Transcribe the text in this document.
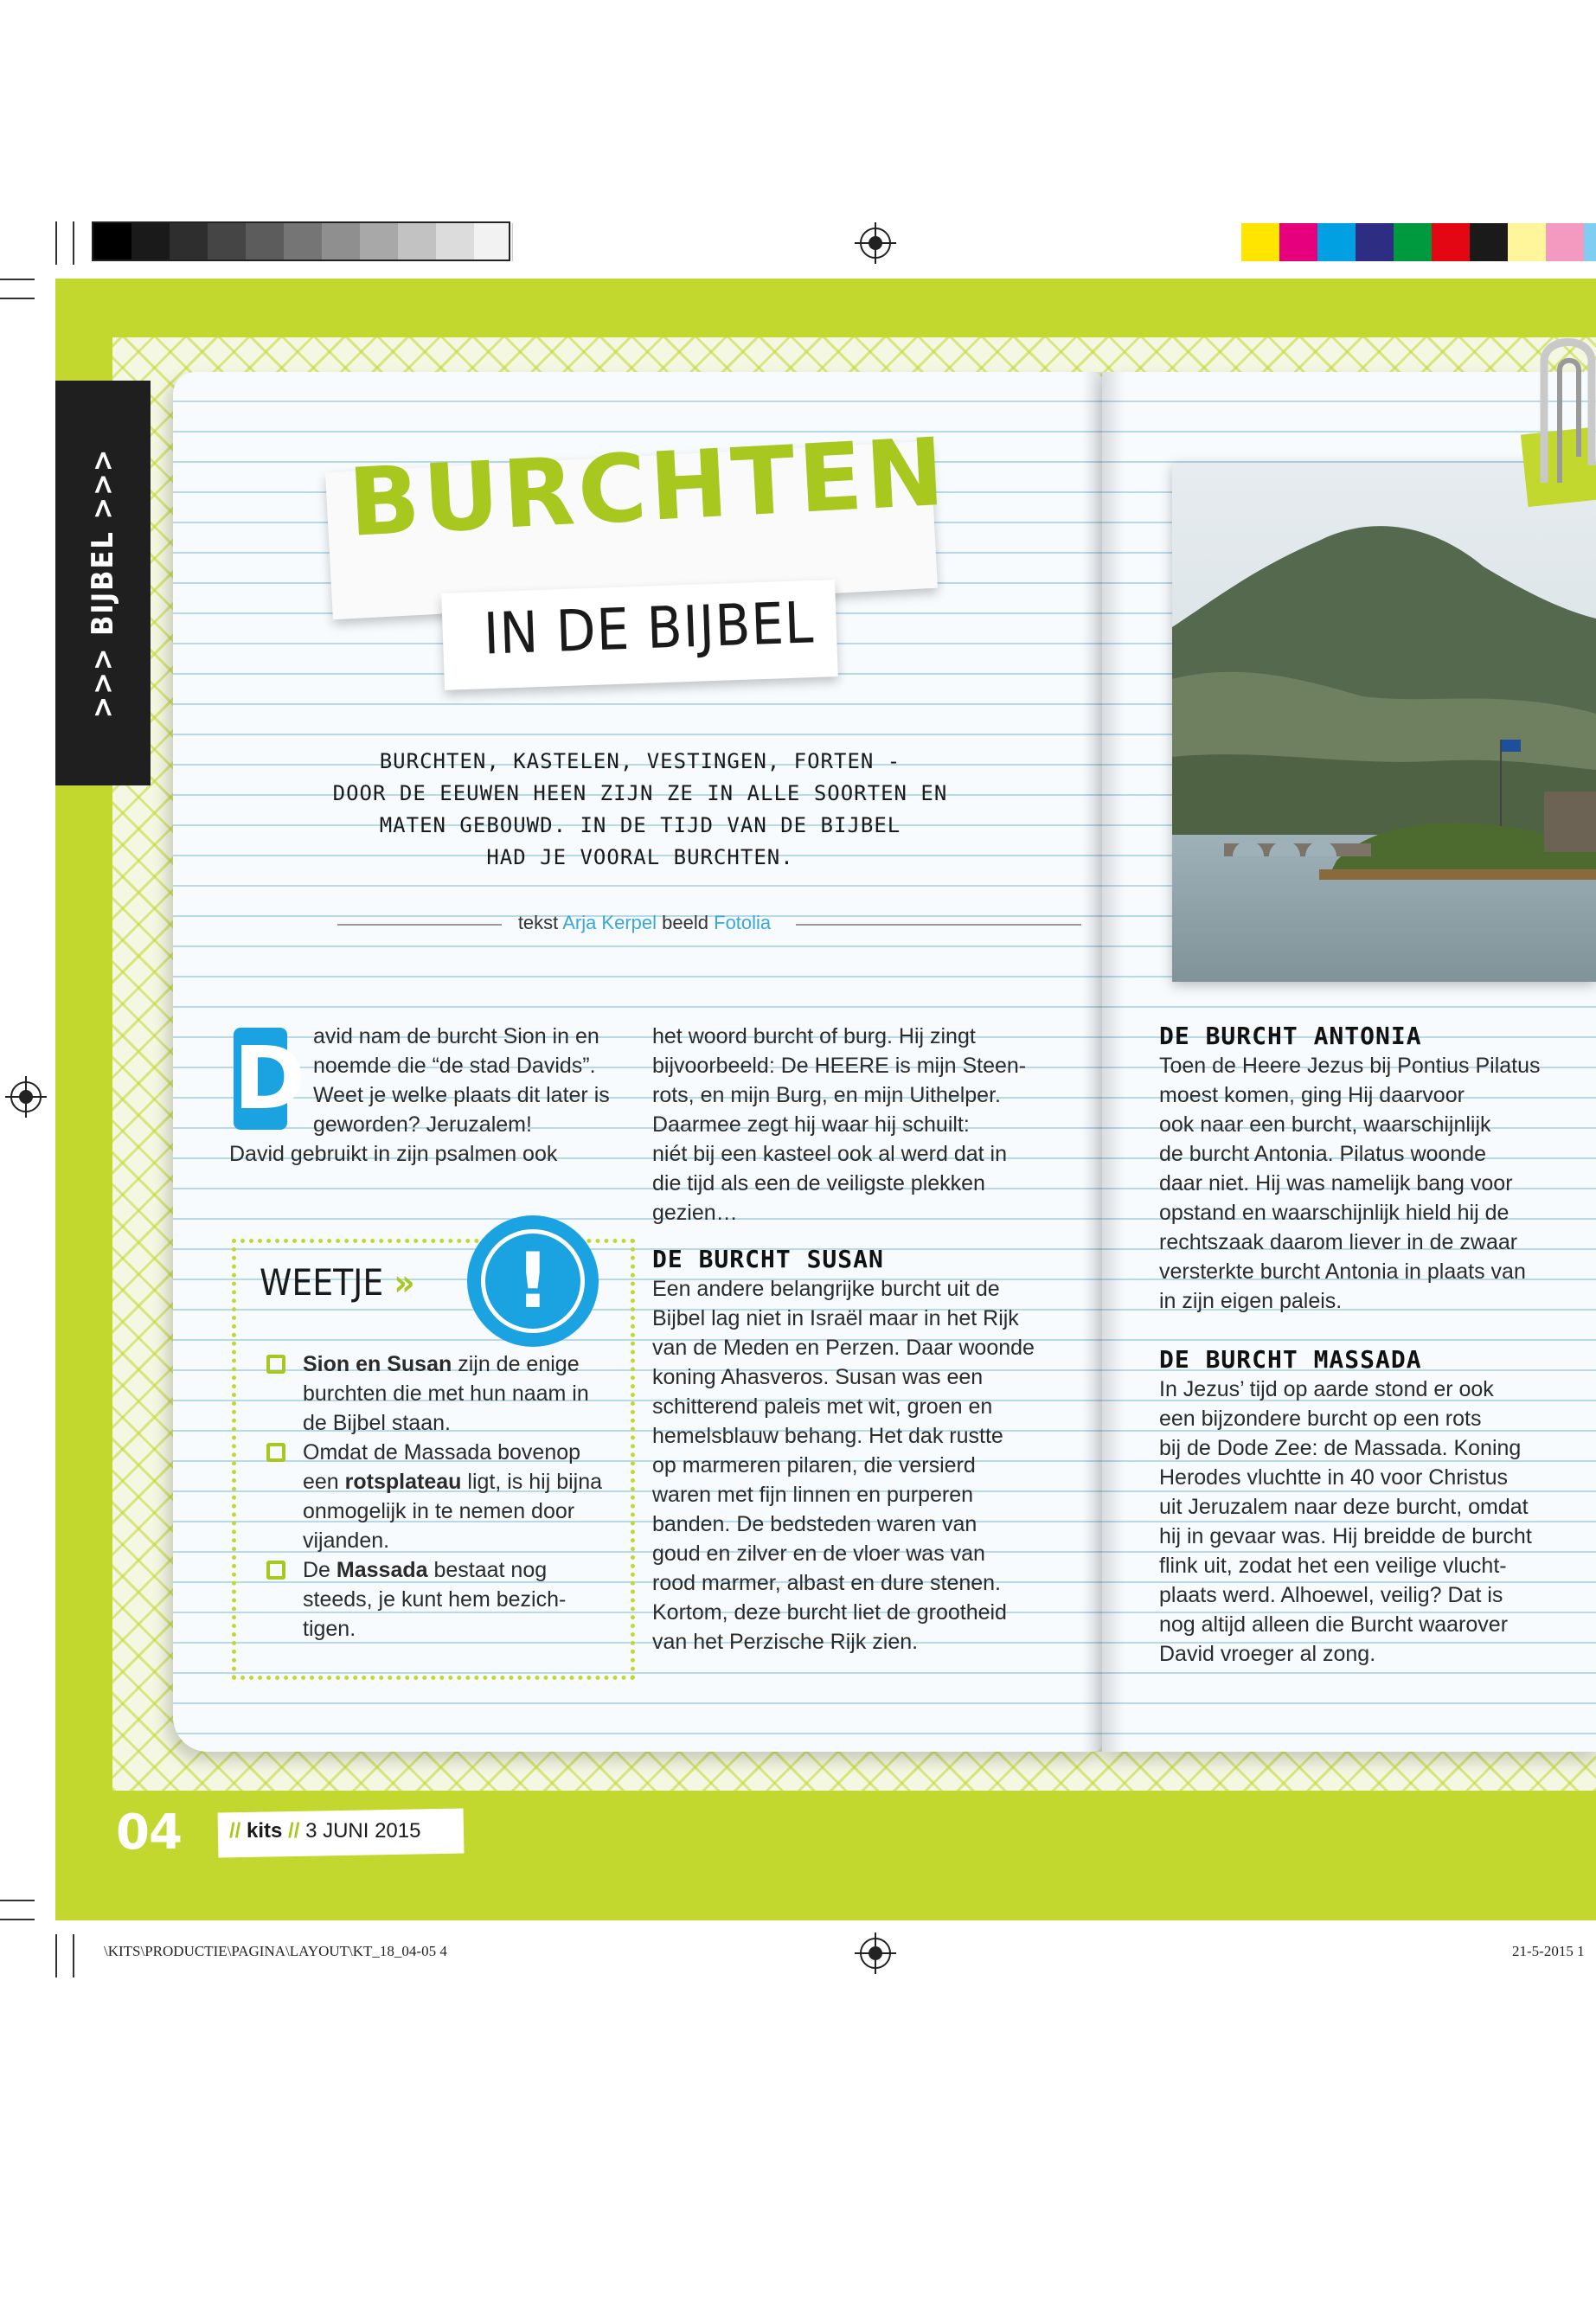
>>> BIJBEL >>> BURCHTEN
IN DE BIJBEL
BURCHTEN, KASTELEN, VESTINGEN, FORTEN -
DOOR DE EEUWEN HEEN ZIJN ZE IN ALLE SOORTEN EN
MATEN GEBOUWD. IN DE TIJD VAN DE BIJBEL
HAD JE VOORAL BURCHTEN.
tekst Arja Kerpel beeld Fotolia
D avid nam de burcht Sion in en

noemde die “de stad Davids”.

Weet je welke plaats dit later is

geworden? Jeruzalem!

David gebruikt in zijn psalmen ook

WEETJE »	!
Sion en Susan zijn de enige burchten die met hun naam in de Bijbel staan.
Omdat de Massada bovenop een rotsplateau ligt, is hij bijna onmogelijk in te nemen door vijanden.
De Massada bestaat nog steeds, je kunt hem bezich-tigen.

het woord burcht of burg. Hij zingt

bijvoorbeeld: De HEERE is mijn Steen-

rots, en mijn Burg, en mijn Uithelper.

Daarmee zegt hij waar hij schuilt:

niét bij een kasteel ook al werd dat in

die tijd als een de veiligste plekken

gezien…

DE BURCHT SUSAN

Een andere belangrijke burcht uit de

Bijbel lag niet in Israël maar in het Rijk

van de Meden en Perzen. Daar woonde

koning Ahasveros. Susan was een

schitterend paleis met wit, groen en

hemelsblauw behang. Het dak rustte

op marmeren pilaren, die versierd

waren met fijn linnen en purperen

banden. De bedsteden waren van

goud en zilver en de vloer was van

rood marmer, albast en dure stenen.

Kortom, deze burcht liet de grootheid

van het Perzische Rijk zien.

DE BURCHT ANTONIA

Toen de Heere Jezus bij Pontius Pilatus

moest komen, ging Hij daarvoor

ook naar een burcht, waarschijnlijk

de burcht Antonia. Pilatus woonde

daar niet. Hij was namelijk bang voor

opstand en waarschijnlijk hield hij de

rechtszaak daarom liever in de zwaar

versterkte burcht Antonia in plaats van

in zijn eigen paleis.

DE BURCHT MASSADA

In Jezus’ tijd op aarde stond er ook

een bijzondere burcht op een rots

bij de Dode Zee: de Massada. Koning

Herodes vluchtte in 40 voor Christus

uit Jeruzalem naar deze burcht, omdat

hij in gevaar was. Hij breidde de burcht

flink uit, zodat het een veilige vlucht-

plaats werd. Alhoewel, veilig? Dat is

nog altijd alleen die Burcht waarover

David vroeger al zong.

04 // kits // 3 JUNI 2015
\KITS\PRODUCTIE\PAGINA\LAYOUT\KT_18_04-05 4	21-5-2015 1
